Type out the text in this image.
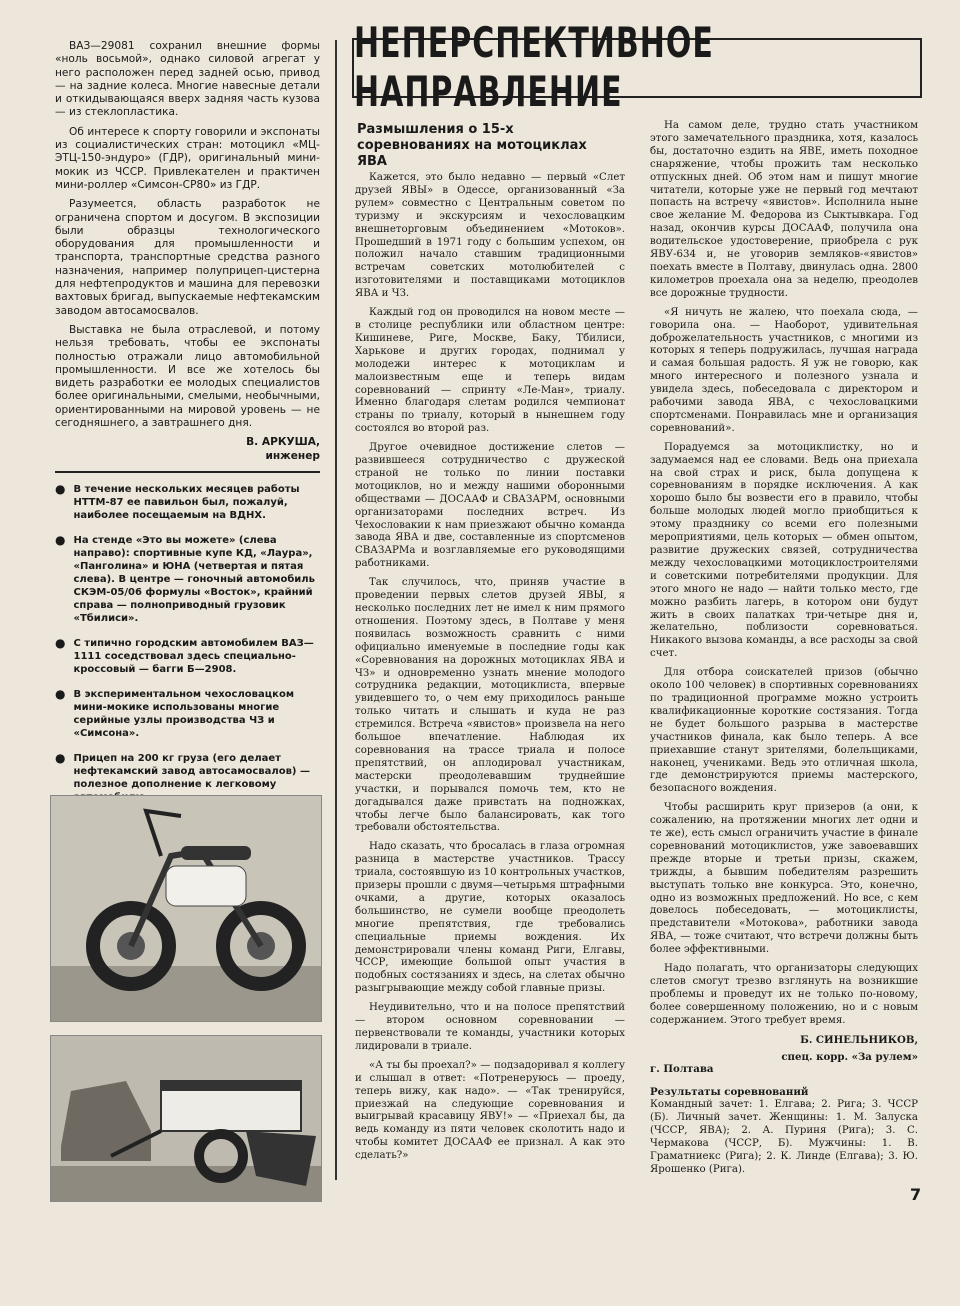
ВАЗ—29081 сохранил внешние формы «ноль восьмой», однако силовой агрегат у него расположен перед задней осью, привод — на задние колеса. Многие навесные детали и откидывающаяся вверх задняя часть кузова — из стеклопластика.

Об интересе к спорту говорили и экспонаты из социалистических стран: мотоцикл «МЦ-ЭТЦ-150-эндуро» (ГДР), оригинальный мини-мокик из ЧССР. Привлекателен и практичен мини-роллер «Симсон-СР80» из ГДР.

Разумеется, область разработок не ограничена спортом и досугом. В экспозиции были образцы технологического оборудования для промышленности и транспорта, транспортные средства разного назначения, например полуприцеп-цистерна для нефтепродуктов и машина для перевозки вахтовых бригад, выпускаемые нефтекамским заводом автосамосвалов.

Выставка не была отраслевой, и потому нельзя требовать, чтобы ее экспонаты полностью отражали лицо автомобильной промышленности. И все же хотелось бы видеть разработки ее молодых специалистов более оригинальными, смелыми, необычными, ориентированными на мировой уровень — не сегодняшнего, а завтрашнего дня.

В. АРКУША,
инженер
● В течение нескольких месяцев работы НТТМ-87 ее павильон был, пожалуй, наиболее посещаемым на ВДНХ.
● На стенде «Это вы можете» (слева направо): спортивные купе КД, «Лаура», «Панголина» и ЮНА (четвертая и пятая слева). В центре — гоночный автомобиль СКЭМ-05/06 формулы «Восток», крайний справа — полноприводный грузовик «Тбилиси».
● С типично городским автомобилем ВАЗ—1111 соседствовал здесь специально-кроссовый — багги Б—2908.
● В экспериментальном чехословацком мини-мокике использованы многие серийные узлы производства ЧЗ и «Симсона».
● Прицеп на 200 кг груза (его делает нефтекамский завод автосамосвалов) — полезное дополнение к легковому
НЕПЕРСПЕКТИВНОЕ НАПРАВЛЕНИЕ
Размышления о 15-х соревнованиях на мотоциклах ЯВА

Кажется, это было недавно — первый «Слет друзей ЯВЫ» в Одессе, организованный «За рулем» совместно с Центральным советом по туризму и экскурсиям и чехословацким внешнеторговым объединением «Мотоков». Прошедший в 1971 году с большим успехом, он положил начало ставшим традиционными встречам советских мотолюбителей с изготовителями и поставщиками мотоциклов ЯВА и ЧЗ.

Каждый год он проводился на новом месте — в столице республики или областном центре: Кишиневе, Риге, Москве, Баку, Тбилиси, Харькове и других городах, поднимал у молодежи интерес к мотоциклам и малоизвестным еще и теперь видам соревнований — спринту «Ле-Ман», триалу. Именно благодаря слетам родился чемпионат страны по триалу, который в нынешнем году состоялся во второй раз.

Другое очевидное достижение слетов — развившееся сотрудничество с дружеской страной не только по линии поставки мотоциклов, но и между нашими оборонными обществами — ДОСААФ и СВАЗАРМ, основными организаторами последних встреч. Из Чехословакии к нам приезжают обычно команда завода ЯВА и две, составленные из спортсменов СВАЗАРМа и возглавляемые его руководящими работниками.

Так случилось, что, приняв участие в проведении первых слетов друзей ЯВЫ, я несколько последних лет не имел к ним прямого отношения. Поэтому здесь, в Полтаве у меня появилась возможность сравнить с ними официально именуемые в последние годы как «Соревнования на дорожных мотоциклах ЯВА и ЧЗ» и одновременно узнать мнение молодого сотрудника редакции, мотоциклиста, впервые увидевшего то, о чем ему приходилось раньше только читать и слышать и куда не раз стремился. Встреча «явистов» произвела на него большое впечатление. Наблюдая их соревнования на трассе триала и полосе препятствий, он аплодировал участникам, мастерски преодолевавшим труднейшие участки, и порывался помочь тем, кто не догадывался даже привстать на подножках, чтобы легче было балансировать, как того требовали обстоятельства.

Надо сказать, что бросалась в глаза огромная разница в мастерстве участников. Трассу триала, состоявшую из 10 контрольных участков, призеры прошли с двумя—четырьмя штрафными очками, а другие, которых оказалось большинство, не сумели вообще преодолеть многие препятствия, где требовались специальные приемы вождения. Их демонстрировали члены команд Риги, Елгавы, ЧССР, имеющие большой опыт участия в подобных состязаниях и здесь, на слетах обычно разыгрывающие между собой главные призы.

Неудивительно, что и на полосе препятствий — втором основном соревновании — первенствовали те команды, участники которых лидировали в триале.

«А ты бы проехал?» — подзадоривал я коллегу и слышал в ответ: «Потренеруюсь — проеду, теперь вижу, как надо». — «Так тренируйся, приезжай на следующие соревнования и выигрывай красавицу ЯВУ!» — «Приехал бы, да ведь команду из пяти человек сколотить надо и чтобы комитет ДОСААФ ее признал. А как это сделать?»

На самом деле, трудно стать участником этого замечательного праздника, хотя, казалось бы, достаточно ездить на ЯВЕ, иметь походное снаряжение, чтобы прожить там несколько отпускных дней. Об этом нам и пишут многие читатели, которые уже не первый год мечтают попасть на встречу «явистов». Исполнила ныне свое желание М. Федорова из Сыктывкара. Год назад, окончив курсы ДОСААФ, получила она водительское удостоверение, приобрела с рук ЯВУ-634 и, не уговорив земляков-«явистов» поехать вместе в Полтаву, двинулась одна. 2800 километров проехала она за неделю, преодолев все дорожные трудности.

«Я ничуть не жалею, что поехала сюда, — говорила она. — Наоборот, удивительная доброжелательность участников, с многими из которых я теперь подружилась, лучшая награда и самая большая радость. Я уж не говорю, как много интересного и полезного узнала и увидела здесь, побеседовала с директором и рабочими завода ЯВА, с чехословацкими спортсменами. Понравилась мне и организация соревнований».

Порадуемся за мотоциклистку, но и задумаемся над ее словами. Ведь она приехала на свой страх и риск, была допущена к соревнованиям в порядке исключения. А как хорошо было бы возвести его в правило, чтобы больше молодых людей могло приобщиться к этому празднику со всеми его полезными мероприятиями, цель которых — обмен опытом, развитие дружеских связей, сотрудничества между чехословацкими мотоциклостроителями и советскими потребителями продукции. Для этого много не надо — найти только место, где можно разбить лагерь, в котором они будут жить в своих палатках три-четыре дня и, желательно, поблизости соревноваться. Никакого вызова команды, а все расходы за свой счет.

Для отбора соискателей призов (обычно около 100 человек) в спортивных соревнованиях по традиционной программе можно устроить квалификационные короткие состязания. Тогда не будет большого разрыва в мастерстве участников финала, как было теперь. А все приехавшие станут зрителями, болельщиками, наконец, учениками. Ведь это отличная школа, где демонстрируются приемы мастерского, безопасного вождения.

Чтобы расширить круг призеров (а они, к сожалению, на протяжении многих лет одни и те же), есть смысл ограничить участие в финале соревнований мотоциклистов, уже завоевавших прежде вторые и третьи призы, скажем, трижды, а бывшим победителям разрешить выступать только вне конкурса. Это, конечно, одно из возможных предложений. Но все, с кем довелось побеседовать, — мотоциклисты, представители «Мотокова», работники завода ЯВА, — тоже считают, что встречи должны быть более эффективными.

Надо полагать, что организаторы следующих слетов смогут трезво взглянуть на возникшие проблемы и проведут их не только по-новому, более совершенному положению, но и с новым содержанием. Этого требует время.

Б. СИНЕЛЬНИКОВ,
спец. корр. «За рулем»
г. Полтава
Результаты соревнований
Командный зачет: 1. Елгава; 2. Рига; 3. ЧССР (Б). Личный зачет. Женщины: 1. М. Залуска (ЧССР, ЯВА); 2. А. Пуриня (Рига); 3. С. Чермакова (ЧССР, Б). Мужчины: 1. В. Граматниекс (Рига); 2. К. Линде (Елгава); 3. Ю. Ярошенко (Рига).
7
